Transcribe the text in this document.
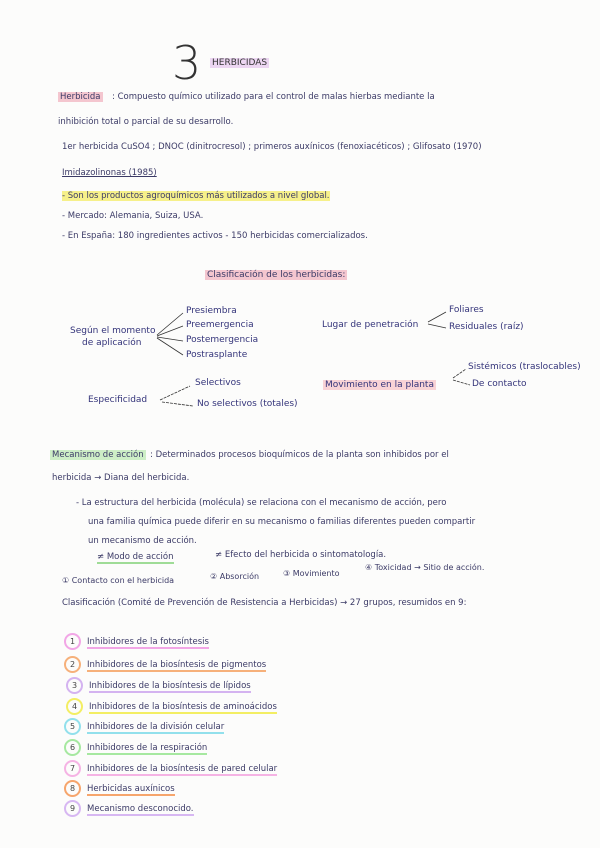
3 HERBICIDAS
Herbicida : Compuesto químico utilizado para el control de malas hierbas mediante la
inhibición total o parcial de su desarrollo.
1er herbicida CuSO4 ; DNOC (dinitrocresol) ; primeros auxínicos (fenoxiacéticos) ; Glifosato (1970)
Imidazolinonas (1985)
- Son los productos agroquímicos más utilizados a nivel global.
- Mercado: Alemania, Suiza, USA.
- En España: 180 ingredientes activos - 150 herbicidas comercializados.
Clasificación de los herbicidas:
Según el momento
de aplicación
Presiembra
Preemergencia
Postemergencia
Postrasplante
Lugar de penetración
Foliares
Residuales (raíz)
Especificidad
Selectivos
No selectivos (totales)
Movimiento en la planta
Sistémicos (traslocables)
De contacto
Mecanismo de acción : Determinados procesos bioquímicos de la planta son inhibidos por el
herbicida → Diana del herbicida.
- La estructura del herbicida (molécula) se relaciona con el mecanismo de acción, pero
una familia química puede diferir en su mecanismo o familias diferentes pueden compartir
un mecanismo de acción.
≠ Modo de acción	≠ Efecto del herbicida o sintomatología.
① Contacto con el herbicida	② Absorción	③ Movimiento
④ Toxicidad → Sitio de acción.
Clasificación (Comité de Prevención de Resistencia a Herbicidas) → 27 grupos, resumidos en 9:
1 Inhibidores de la fotosíntesis
2 Inhibidores de la biosíntesis de pigmentos
3 Inhibidores de la biosíntesis de lípidos
4 Inhibidores de la biosíntesis de aminoácidos
5 Inhibidores de la división celular
6 Inhibidores de la respiración
7 Inhibidores de la biosíntesis de pared celular
8 Herbicidas auxínicos
9 Mecanismo desconocido.
